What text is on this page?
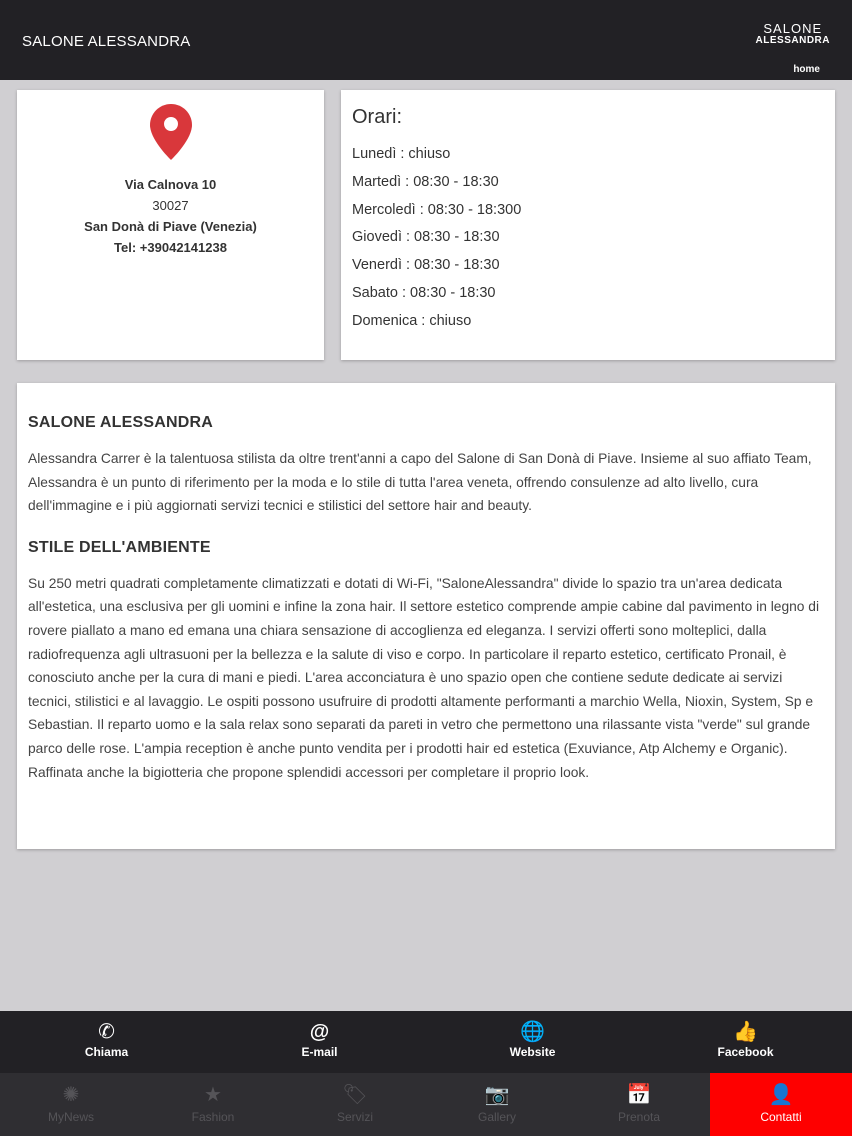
SALONE ALESSANDRA
SALONE
ALESSANDRA
home
Via Calnova 10
30027
San Donà di Piave (Venezia)
Tel: +39042141238
Orari:
Lunedì : chiuso
Martedì : 08:30 - 18:30
Mercoledì : 08:30 - 18:300
Giovedì : 08:30 - 18:30
Venerdì : 08:30 - 18:30
Sabato : 08:30 - 18:30
Domenica : chiuso
SALONE ALESSANDRA

Alessandra Carrer è la talentuosa stilista da oltre trent'anni a capo del Salone di San Donà di Piave. Insieme al suo affiato Team, Alessandra è un punto di riferimento per la moda e lo stile di tutta l'area veneta, offrendo consulenze ad alto livello, cura dell'immagine e i più aggiornati servizi tecnici e stilistici del settore hair and beauty.

STILE DELL'AMBIENTE

Su 250 metri quadrati completamente climatizzati e dotati di Wi-Fi, "SaloneAlessandra" divide lo spazio tra un'area dedicata all'estetica, una esclusiva per gli uomini e infine la zona hair. Il settore estetico comprende ampie cabine dal pavimento in legno di rovere piallato a mano ed emana una chiara sensazione di accoglienza ed eleganza. I servizi offerti sono molteplici, dalla radiofrequenza agli ultrasuoni per la bellezza e la salute di viso e corpo. In particolare il reparto estetico, certificato Pronail, è conosciuto anche per la cura di mani e piedi. L'area acconciatura è uno spazio open che contiene sedute dedicate ai servizi tecnici, stilistici e al lavaggio. Le ospiti possono usufruire di prodotti altamente performanti a marchio Wella, Nioxin, System, Sp e Sebastian. Il reparto uomo e la sala relax sono separati da pareti in vetro che permettono una rilassante vista "verde" sul grande parco delle rose. L'ampia reception è anche punto vendita per i prodotti hair ed estetica (Exuviance, Atp Alchemy e Organic). Raffinata anche la bigiotteria che propone splendidi accessori per completare il proprio look.

✆
Chiama
@
E-mail
🌐
Website
👍
Facebook
✺
MyNews
★
Fashion
🏷
Servizi
📷
Gallery
📅
Prenota
👤
Contatti
